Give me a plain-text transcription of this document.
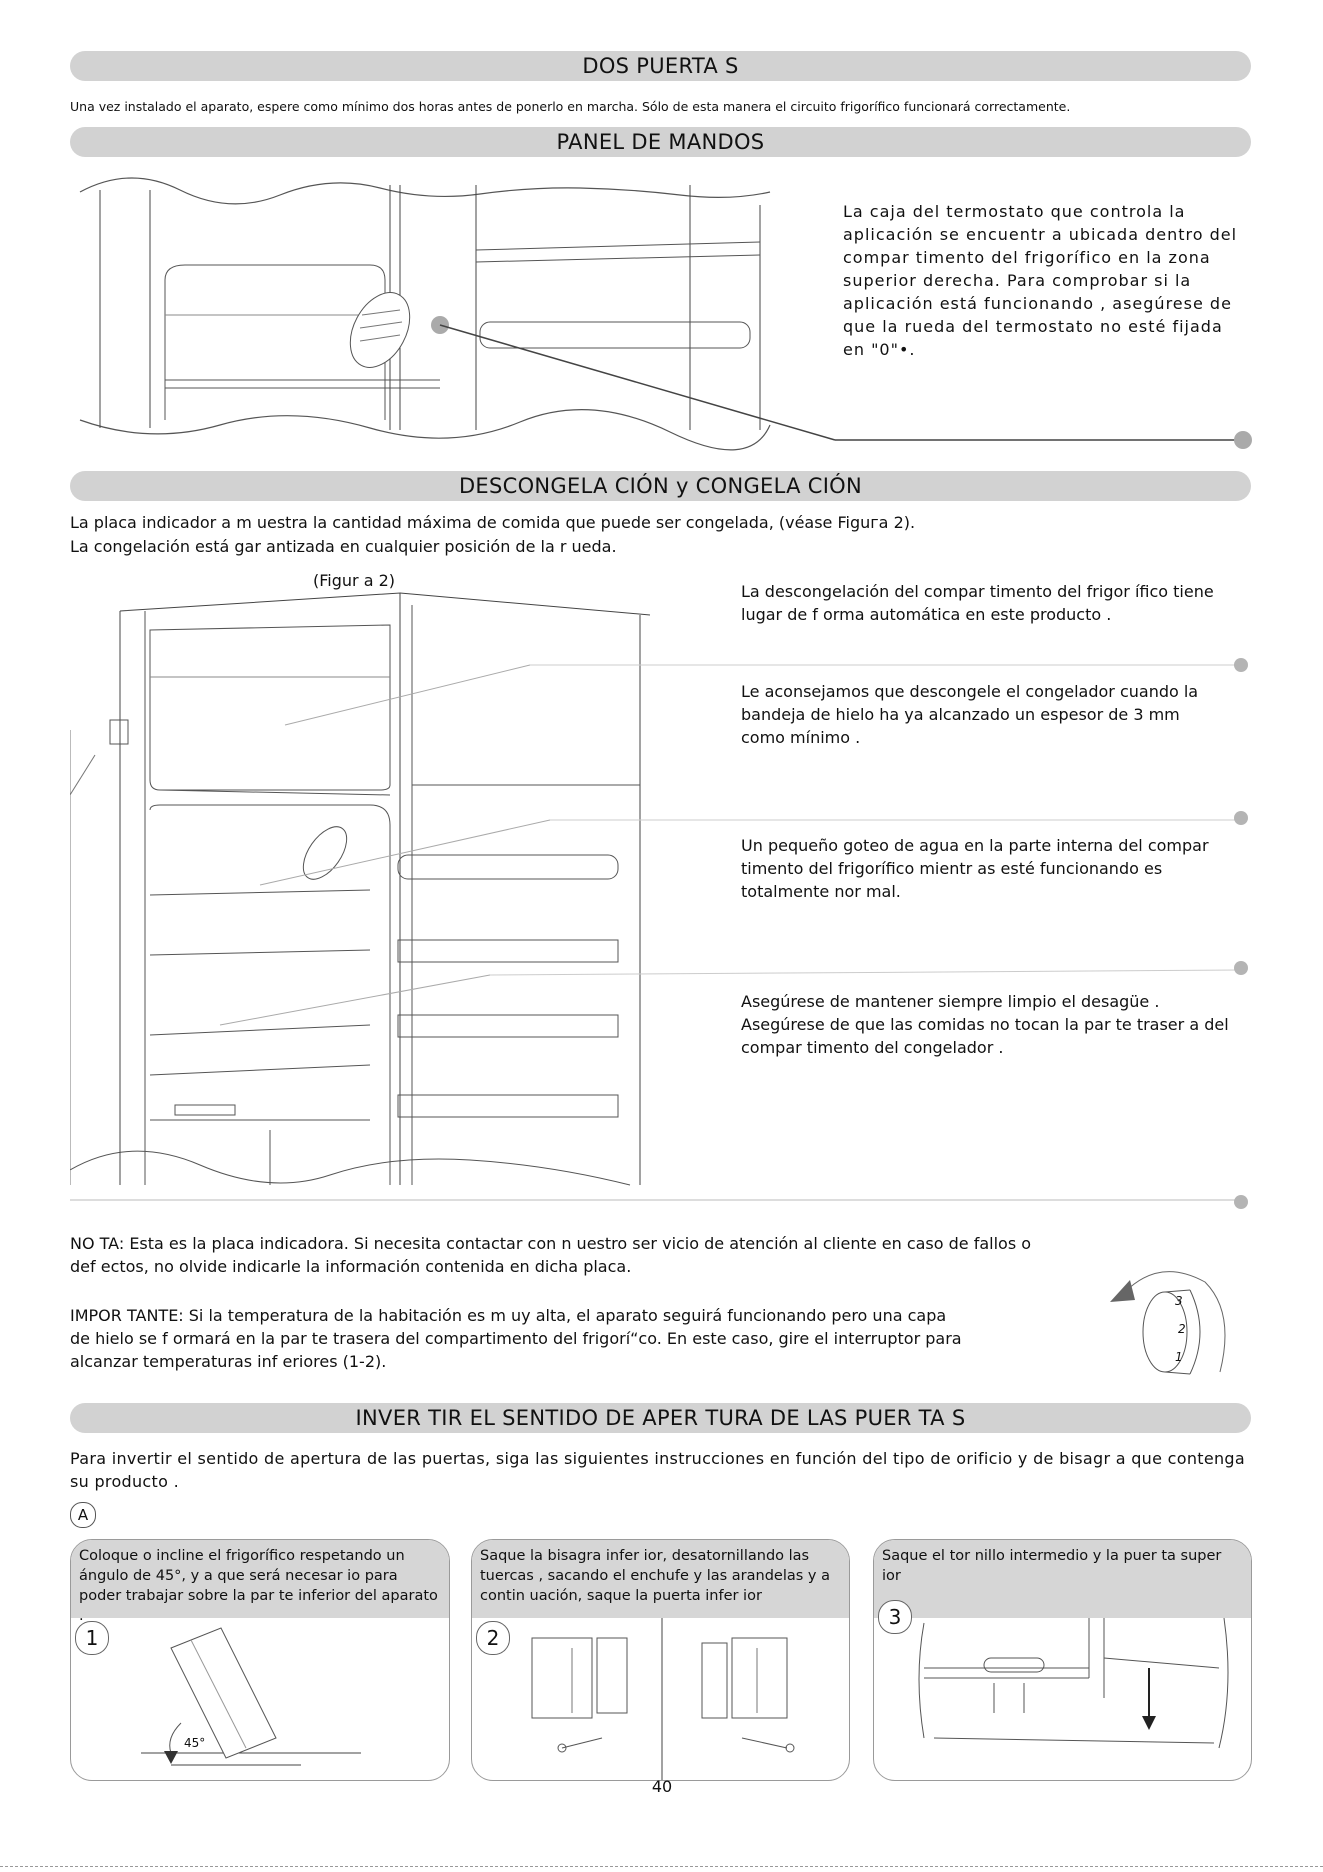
DOS PUERTA S

Una vez instalado el aparato, espere como mínimo dos horas antes de ponerlo en marcha. Sólo de esta manera el circuito frigorífico funcionará correctamente.

PANEL DE MANDOS

La caja del termostato que controla la aplicación se encuentr a ubicada dentro del compar timento del frigorífico en la zona superior derecha. Para comprobar si la aplicación está funcionando , asegúrese de que la rueda del termostato no esté fijada en "0"•.

DESCONGELA CIÓN y CONGELA CIÓN

La placa indicador a m uestra la cantidad máxima de comida que puede ser congelada, (véase Figuгa 2).

La congelación está gar antizada en cualquier posición de la r ueda.

(Figur a 2)

La descongelación del compar timento del frigor ífico tiene lugar de f orma automática en este producto .

Le aconsejamos que descongele el congelador cuando la bandeja de hielo ha ya alcanzado un espesor de 3 mm como mínimo .

Un pequeño goteo de agua en la parte interna del compar timento del frigorífico mientr as esté funcionando es totalmente nor mal.

Asegúrese de mantener siempre limpio el desagüe . Asegúrese de que las comidas no tocan la par te traser a del compar timento del congelador .

NO TA: Esta es la placa indicadora. Si necesita contactar con n uestro ser vicio de atención al cliente en caso de fallos o def ectos, no olvide indicarle la información contenida en dicha placa.

IMPOR TANTE: Si la temperatura de la habitación es m uy alta, el aparato seguirá funcionando pero una capa de hielo se f ormará en la par te trasera del compartimento del frigorí“co. En este caso, gire el interruptor para alcanzar temperaturas inf eriores (1-2).

3
2
1
INVER TIR EL SENTIDO DE APER TURA DE LAS PUER TA S

Para invertir el sentido de apertura de las puertas, siga las siguientes instrucciones en función del tipo de orificio y de bisagr a que contenga su producto .

A
Coloque o incline el frigorífico respetando un ángulo de 45°, y a que será necesar io para poder trabajar sobre la par te inferior del aparato .
1
45°
Saque la bisagra infer ior, desatornillando las tuercas , sacando el enchufe y las arandelas y a contin uación, saque la puerta infer ior
2
Saque el tor nillo intermedio y la puer ta super ior
3
40
